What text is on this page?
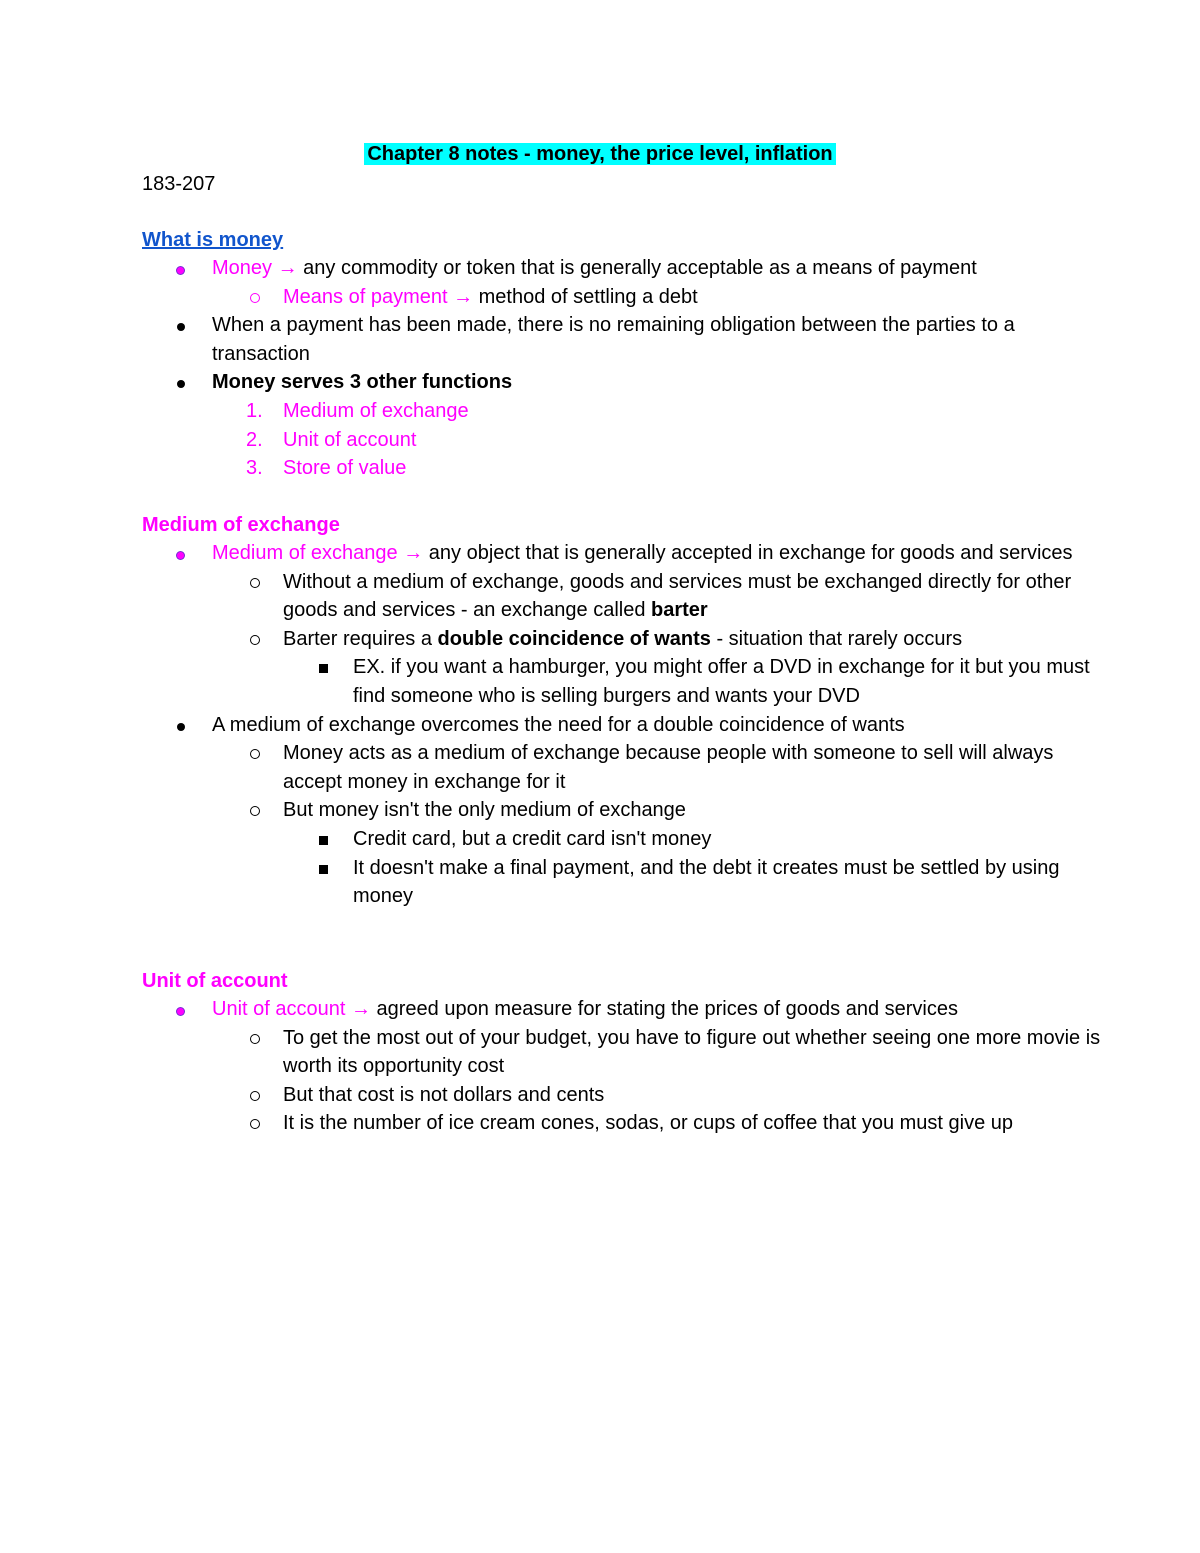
Chapter 8 notes - money, the price level, inflation
183-207
What is money
Money → any commodity or token that is generally acceptable as a means of payment
Means of payment → method of settling a debt
When a payment has been made, there is no remaining obligation between the parties to a transaction
Money serves 3 other functions
1. Medium of exchange
2. Unit of account
3. Store of value
Medium of exchange
Medium of exchange → any object that is generally accepted in exchange for goods and services
Without a medium of exchange, goods and services must be exchanged directly for other goods and services - an exchange called barter
Barter requires a double coincidence of wants - situation that rarely occurs
EX. if you want a hamburger, you might offer a DVD in exchange for it but you must find someone who is selling burgers and wants your DVD
A medium of exchange overcomes the need for a double coincidence of wants
Money acts as a medium of exchange because people with someone to sell will always accept money in exchange for it
But money isn't the only medium of exchange
Credit card, but a credit card isn't money
It doesn't make a final payment, and the debt it creates must be settled by using money
Unit of account
Unit of account → agreed upon measure for stating the prices of goods and services
To get the most out of your budget, you have to figure out whether seeing one more movie is worth its opportunity cost
But that cost is not dollars and cents
It is the number of ice cream cones, sodas, or cups of coffee that you must give up
